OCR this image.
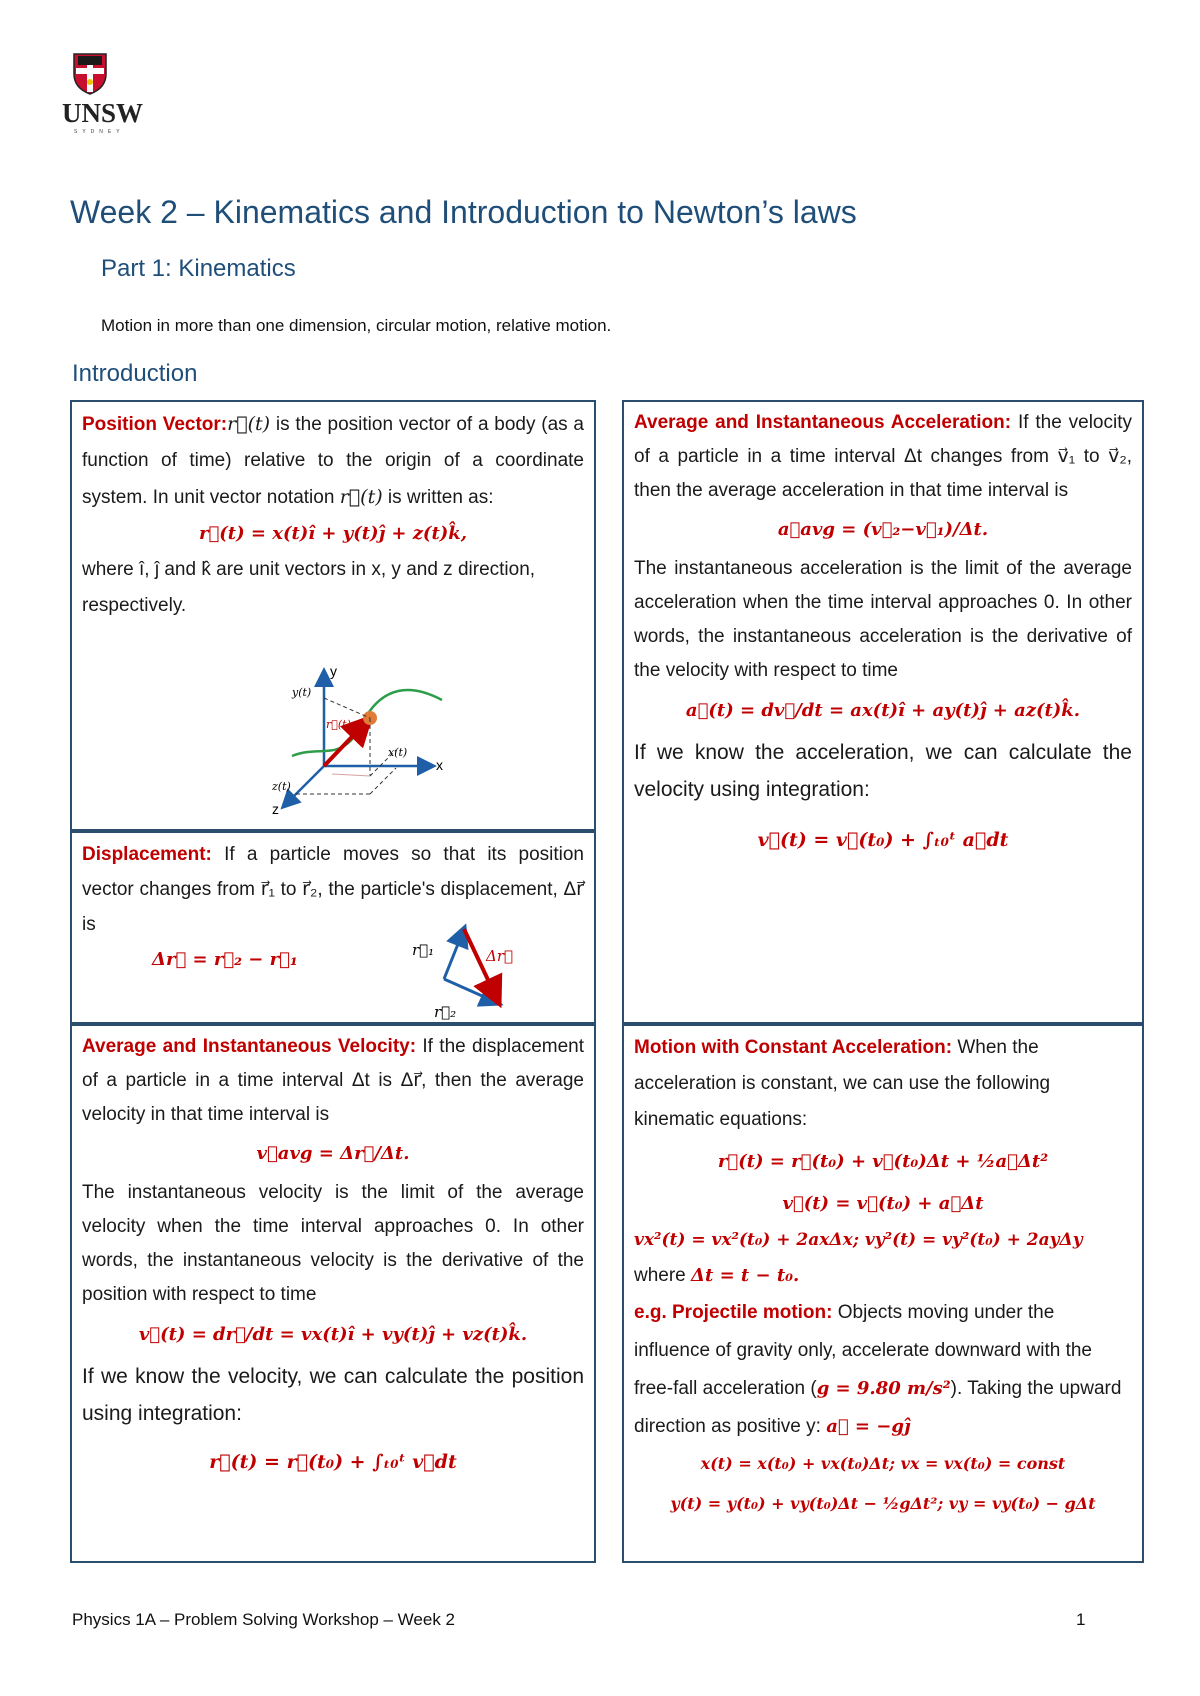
UNSW
SYDNEY
Week 2 – Kinematics and Introduction to Newton’s laws
Part 1: Kinematics
Motion in more than one dimension, circular motion, relative motion.
Introduction
Position Vector:r⃗(t) is the position vector of a body (as a function of time) relative to the origin of a coordinate system. In unit vector notation r⃗(t) is written as:
r⃗(t) = x(t)î + y(t)ĵ + z(t)k̂,
where î, ĵ and k̂ are unit vectors in x, y and z direction, respectively.
y
x
z
y(t)
x(t)
z(t)
r⃗(t)
Displacement: If a particle moves so that its position vector changes from r⃗₁ to r⃗₂, the particle's displacement, Δr⃗ is
Δr⃗ = r⃗₂ − r⃗₁	r⃗₁
r⃗₂
Δr⃗
Average and Instantaneous Velocity: If the displacement of a particle in a time interval Δt is Δr⃗, then the average velocity in that time interval is
v⃗avg = Δr⃗/Δt.
The instantaneous velocity is the limit of the average velocity when the time interval approaches 0. In other words, the instantaneous velocity is the derivative of the position with respect to time
v⃗(t) = dr⃗/dt = vx(t)î + vy(t)ĵ + vz(t)k̂.
If we know the velocity, we can calculate the position using integration:
r⃗(t) = r⃗(t₀) + ∫ₜ₀ᵗ v⃗dt
Average and Instantaneous Acceleration: If the velocity of a particle in a time interval Δt changes from v⃗₁ to v⃗₂, then the average acceleration in that time interval is
a⃗avg = (v⃗₂−v⃗₁)/Δt.
The instantaneous acceleration is the limit of the average acceleration when the time interval approaches 0. In other words, the instantaneous acceleration is the derivative of the velocity with respect to time
a⃗(t) = dv⃗/dt = ax(t)î + ay(t)ĵ + az(t)k̂.
If we know the acceleration, we can calculate the velocity using integration:
v⃗(t) = v⃗(t₀) + ∫ₜ₀ᵗ a⃗dt
Motion with Constant Acceleration: When the acceleration is constant, we can use the following kinematic equations:
r⃗(t) = r⃗(t₀) + v⃗(t₀)Δt + ½a⃗Δt²
v⃗(t) = v⃗(t₀) + a⃗Δt
vx²(t) = vx²(t₀) + 2axΔx; vy²(t) = vy²(t₀) + 2ayΔy
where Δt = t − t₀.
e.g. Projectile motion: Objects moving under the influence of gravity only, accelerate downward with the free-fall acceleration (g = 9.80 m/s²). Taking the upward direction as positive y: a⃗ = −gĵ
x(t) = x(t₀) + vx(t₀)Δt; vx = vx(t₀) = const
y(t) = y(t₀) + vy(t₀)Δt − ½gΔt²; vy = vy(t₀) − gΔt
Physics 1A – Problem Solving Workshop – Week 2	1
